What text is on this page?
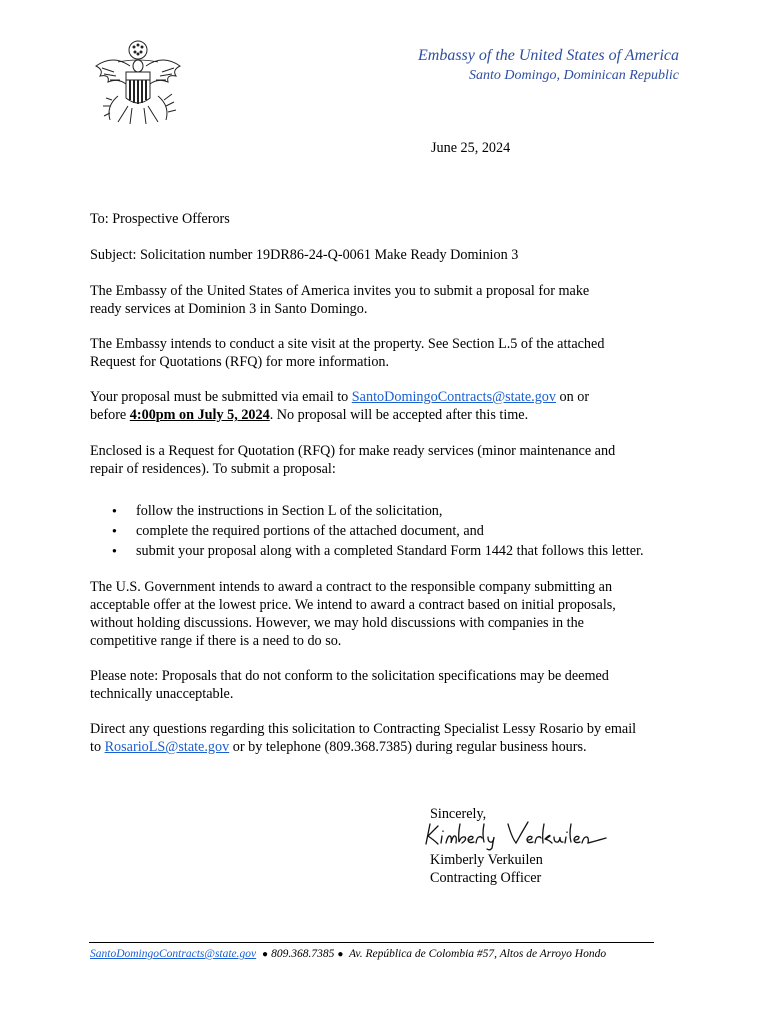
Embassy of the United States of America
Santo Domingo, Dominican Republic
June 25, 2024
To: Prospective Offerors
Subject: Solicitation number 19DR86-24-Q-0061 Make Ready Dominion 3
The Embassy of the United States of America invites you to submit a proposal for make
ready services at Dominion 3 in Santo Domingo.
The Embassy intends to conduct a site visit at the property. See Section L.5 of the attached
Request for Quotations (RFQ) for more information.
Your proposal must be submitted via email to SantoDomingoContracts@state.gov on or
before 4:00pm on July 5, 2024. No proposal will be accepted after this time.
Enclosed is a Request for Quotation (RFQ) for make ready services (minor maintenance and
repair of residences). To submit a proposal:
● follow the instructions in Section L of the solicitation,
● complete the required portions of the attached document, and
● submit your proposal along with a completed Standard Form 1442 that follows this letter.
The U.S. Government intends to award a contract to the responsible company submitting an
acceptable offer at the lowest price. We intend to award a contract based on initial proposals,
without holding discussions. However, we may hold discussions with companies in the
competitive range if there is a need to do so.
Please note: Proposals that do not conform to the solicitation specifications may be deemed
technically unacceptable.
Direct any questions regarding this solicitation to Contracting Specialist Lessy Rosario by email
to RosarioLS@state.gov or by telephone (809.368.7385) during regular business hours.
Sincerely,
Kimberly Verkuilen
Contracting Officer
SantoDomingoContracts@state.gov ● 809.368.7385 ● Av. República de Colombia #57, Altos de Arroyo Hondo
